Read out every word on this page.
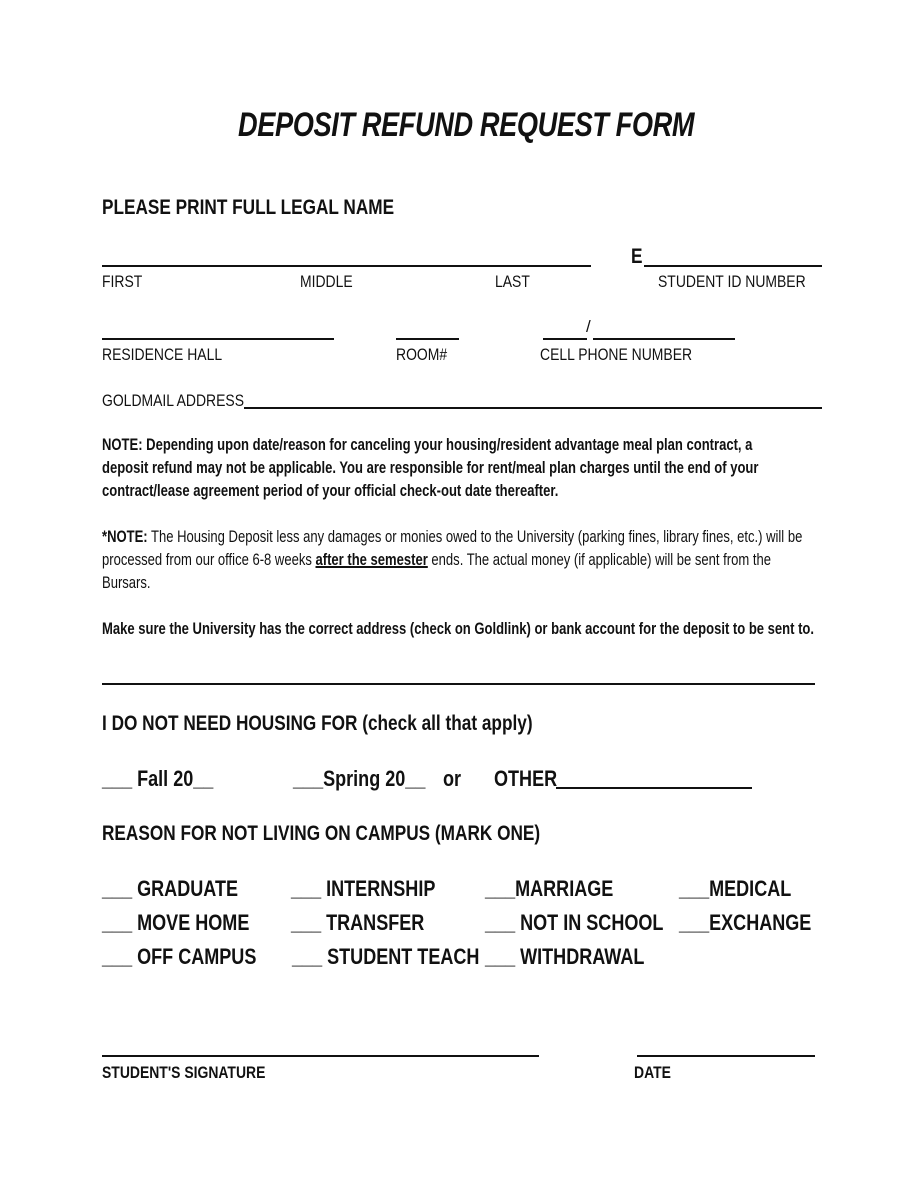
DEPOSIT REFUND REQUEST FORM
PLEASE PRINT FULL LEGAL NAME
E
FIRST	MIDDLE	LAST	STUDENT ID NUMBER
/
RESIDENCE HALL	ROOM#	CELL PHONE NUMBER
GOLDMAIL ADDRESS
NOTE: Depending upon date/reason for canceling your housing/resident advantage meal plan contract, a
deposit refund may not be applicable. You are responsible for rent/meal plan charges until the end of your
contract/lease agreement period of your official check-out date thereafter.
*NOTE: The Housing Deposit less any damages or monies owed to the University (parking fines, library fines, etc.) will be
processed from our office 6-8 weeks after the semester ends. The actual money (if applicable) will be sent from the
Bursars.
Make sure the University has the correct address (check on Goldlink) or bank account for the deposit to be sent to.
I DO NOT NEED HOUSING FOR (check all that apply)
___ Fall 20__	___Spring 20__ or OTHER
REASON FOR NOT LIVING ON CAMPUS (MARK ONE)
___ GRADUATE ___ INTERNSHIP ___MARRIAGE	___MEDICAL
___ MOVE HOME ___ TRANSFER	___ NOT IN SCHOOL ___EXCHANGE
___ OFF CAMPUS ___ STUDENT TEACH ___ WITHDRAWAL
STUDENT'S SIGNATURE	DATE
